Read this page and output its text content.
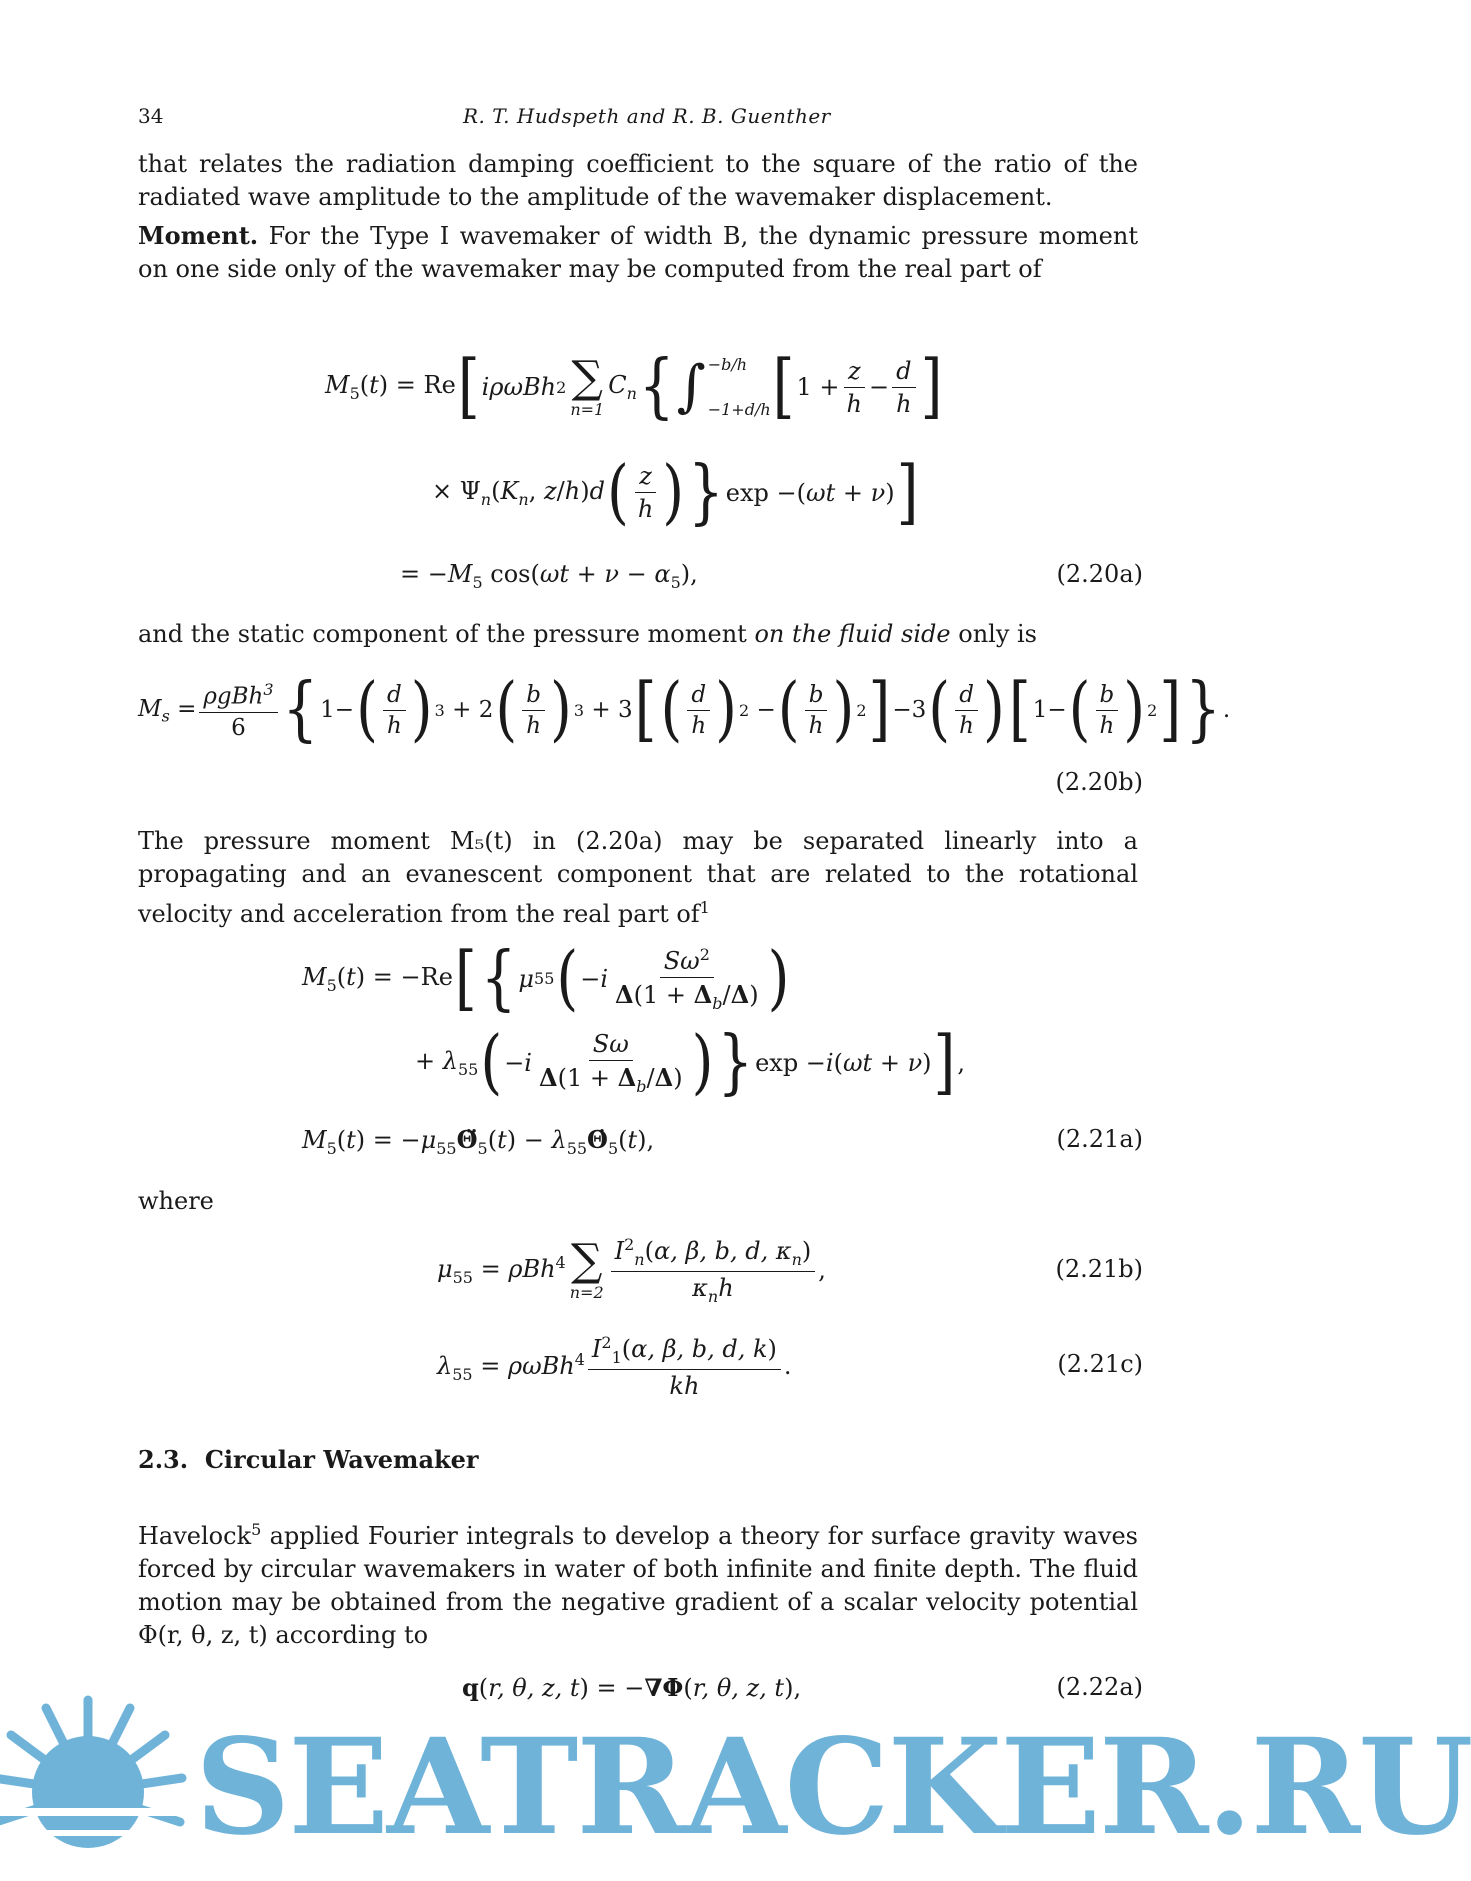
34	R. T. Hudspeth and R. B. Guenther

that relates the radiation damping coefficient to the square of the ratio of the radiated wave amplitude to the amplitude of the wavemaker displacement.

Moment. For the Type I wavemaker of width B, the dynamic pressure moment on one side only of the wavemaker may be computed from the real part of

$M_5(t) = Re$ [ iρωBh 2 ∑
n=1
$C_n$ { ∫ −b/h
−1+d/h [ $1 + \frac{z}{h} - \frac{d}{h}$ ]
× $\Psi_n(K_n$, z/h)d ( $\frac{z}{h}$ ) } exp −(ωt + ν) ]
= $-M_5$ $\cos(\omega t + \nu - \alpha_5)$,	(2.20a)

and the static component of the pressure moment on the fluid side only is

$M_s = \frac{\rho gBh^3}{6}$ { 1− ( $\frac{d}{h}$ ) 3 + 2 ( $\frac{b}{h}$ ) 3 + 3 [ ( $\frac{d}{h}$ ) 2 − ( $\frac{b}{h}$ ) 2 ] −3 ( $\frac{d}{h}$ ) [ 1− ( $\frac{b}{h}$ ) 2 ] } .
(2.20b)

The pressure moment M₅(t) in (2.20a) may be separated linearly into a propagating and an evanescent component that are related to the rotational velocity and acceleration from the real part $of^1$

$M_5(t) = -Re$ [ { μ 55 ( $-i \frac{S\omega^2}{\Delta(1 + \Delta_b/\Delta)}$ )
+ $\lambda_{55}$ ( $-i \frac{S\omega}{\Delta(1 + \Delta_b/\Delta)}$ ) } exp −i(ωt + ν) ] ,
$M_5(t)$ = $-\mu_{55}\Thetä_5(t)$ − $\lambda_{55}\Thetȧ_5(t)$,	(2.21a)

where

$\mu_{55} = \rho Bh^4$ ∑
$n=2 \frac{I^2_n(\alpha, \beta, b, d, \kappa_n)}{\kappa_nh}$ ,	(2.21b)
$\lambda_{55} = \rho\omega Bh^4 \frac{I^2_1(\alpha, \beta, b, d, k)}{kh}$ .	(2.21c)
2.3. Circular Wavemaker

Havelock$^5$ applied Fourier integrals to develop a theory for surface gravity waves forced by circular wavemakers in water of both infinite and finite depth. The fluid motion may be obtained from the negative gradient of a scalar velocity potential Φ(r, θ, z, t) according to

q(r, θ, z, t) = −∇Φ(r, θ, z, t),	(2.22a)
SEATRACKER.RU
